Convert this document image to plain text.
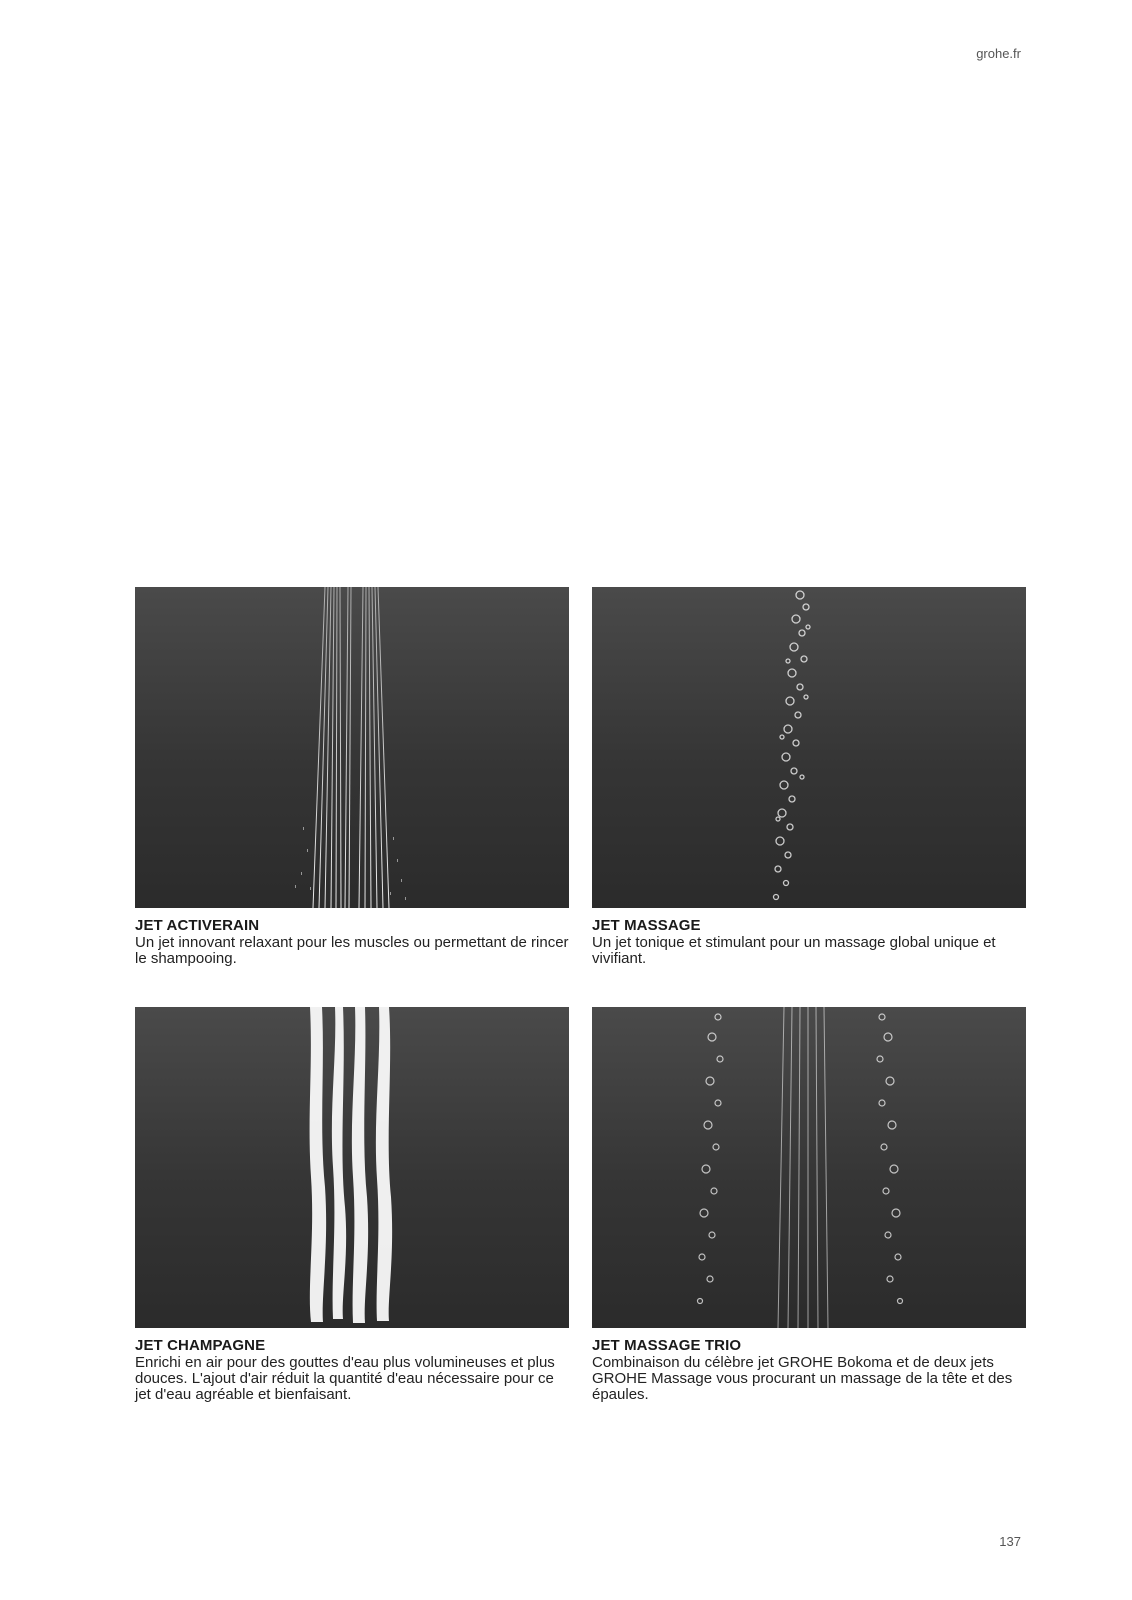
grohe.fr
JET ACTIVERAIN
Un jet innovant relaxant pour les muscles ou permettant de rincer le shampooing.
JET MASSAGE
Un jet tonique et stimulant pour un massage global unique et vivifiant.
JET CHAMPAGNE
Enrichi en air pour des gouttes d'eau plus volumineuses et plus douces. L'ajout d'air réduit la quantité d'eau nécessaire pour ce jet d'eau agréable et bienfaisant.
JET MASSAGE TRIO
Combinaison du célèbre jet GROHE Bokoma et de deux jets GROHE Massage vous procurant un massage de la tête et des épaules.
137
